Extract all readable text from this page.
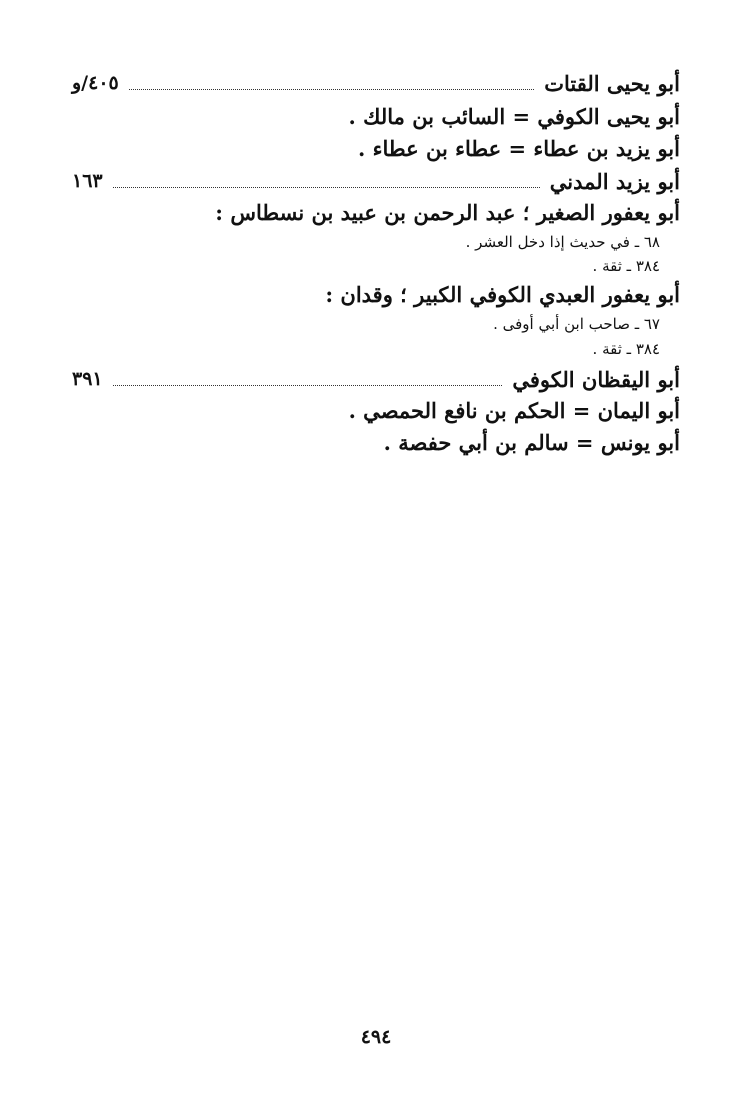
أبو يحيى القتات
٤٠٥/و
أبو يحيى الكوفي = السائب بن مالك .
أبو يزيد بن عطاء = عطاء بن عطاء .
أبو يزيد المدني
١٦٣
أبو يعفور الصغير ؛ عبد الرحمن بن عبيد بن نسطاس :
٦٨ ـ في حديث إذا دخل العشر .
٣٨٤ ـ ثقة .
أبو يعفور العبدي الكوفي الكبير ؛ وقدان :
٦٧ ـ صاحب ابن أبي أوفى .
٣٨٤ ـ ثقة .
أبو اليقظان الكوفي
٣٩١
أبو اليمان = الحكم بن نافع الحمصي .
أبو يونس = سالم بن أبي حفصة .
٤٩٤
